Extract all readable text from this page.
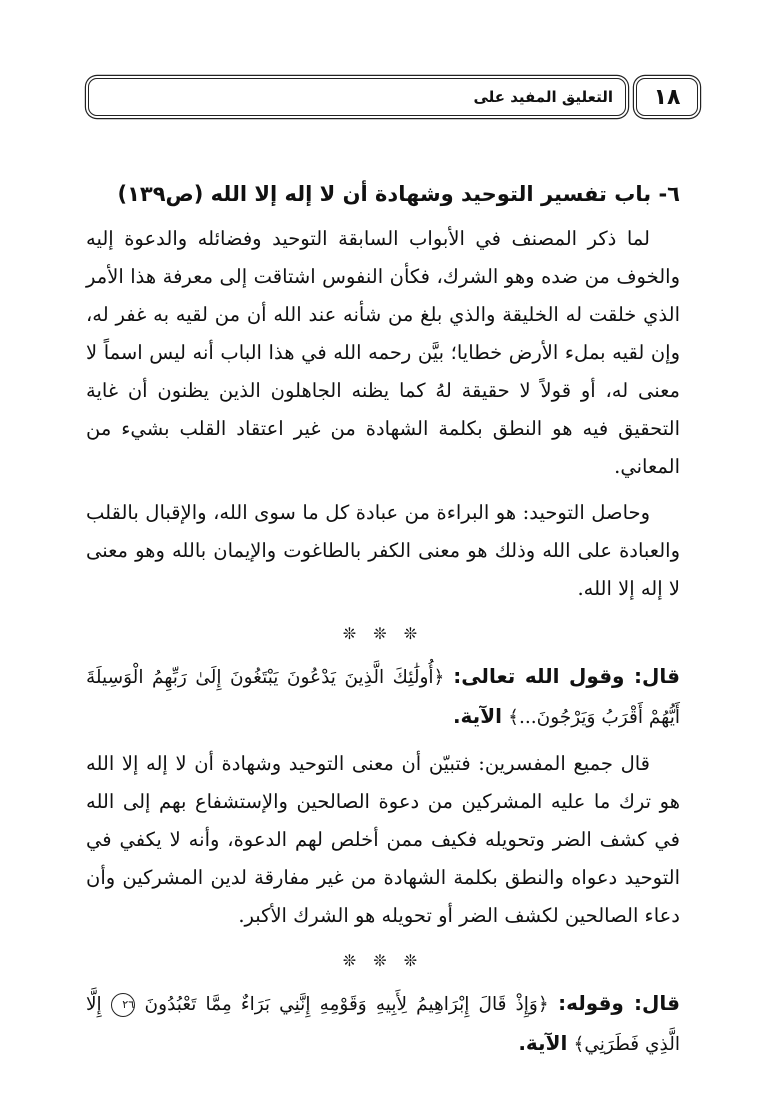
١٨
التعليق المفيد على
٦- باب تفسير التوحيد وشهادة أن لا إله إلا الله (ص١٣٩)

لما ذكر المصنف في الأبواب السابقة التوحيد وفضائله والدعوة إليه والخوف من ضده وهو الشرك، فكأن النفوس اشتاقت إلى معرفة هذا الأمر الذي خلقت له الخليقة والذي بلغ من شأنه عند الله أن من لقيه به غفر له، وإن لقيه بملء الأرض خطايا؛ بيَّن رحمه الله في هذا الباب أنه ليس اسماً لا معنى له، أو قولاً لا حقيقة لهُ كما يظنه الجاهلون الذين يظنون أن غاية التحقيق فيه هو النطق بكلمة الشهادة من غير اعتقاد القلب بشيء من المعاني.

وحاصل التوحيد: هو البراءة من عبادة كل ما سوى الله، والإقبال بالقلب والعبادة على الله وذلك هو معنى الكفر بالطاغوت والإيمان بالله وهو معنى لا إله إلا الله.

❊ ❊ ❊

قال: وقول الله تعالى: ﴿أُولَٰئِكَ الَّذِينَ يَدْعُونَ يَبْتَغُونَ إِلَىٰ رَبِّهِمُ الْوَسِيلَةَ أَيُّهُمْ أَقْرَبُ وَيَرْجُونَ...﴾ الآية.

قال جميع المفسرين: فتبيّن أن معنى التوحيد وشهادة أن لا إله إلا الله هو ترك ما عليه المشركين من دعوة الصالحين والإستشفاع بهم إلى الله في كشف الضر وتحويله فكيف ممن أخلص لهم الدعوة، وأنه لا يكفي في التوحيد دعواه والنطق بكلمة الشهادة من غير مفارقة لدين المشركين وأن دعاء الصالحين لكشف الضر أو تحويله هو الشرك الأكبر.

❊ ❊ ❊

قال: وقوله: ﴿وَإِذْ قَالَ إِبْرَاهِيمُ لِأَبِيهِ وَقَوْمِهِ إِنَّنِي بَرَاءٌ مِمَّا تَعْبُدُونَ ٢٦ إِلَّا الَّذِي فَطَرَنِي﴾ الآية.
